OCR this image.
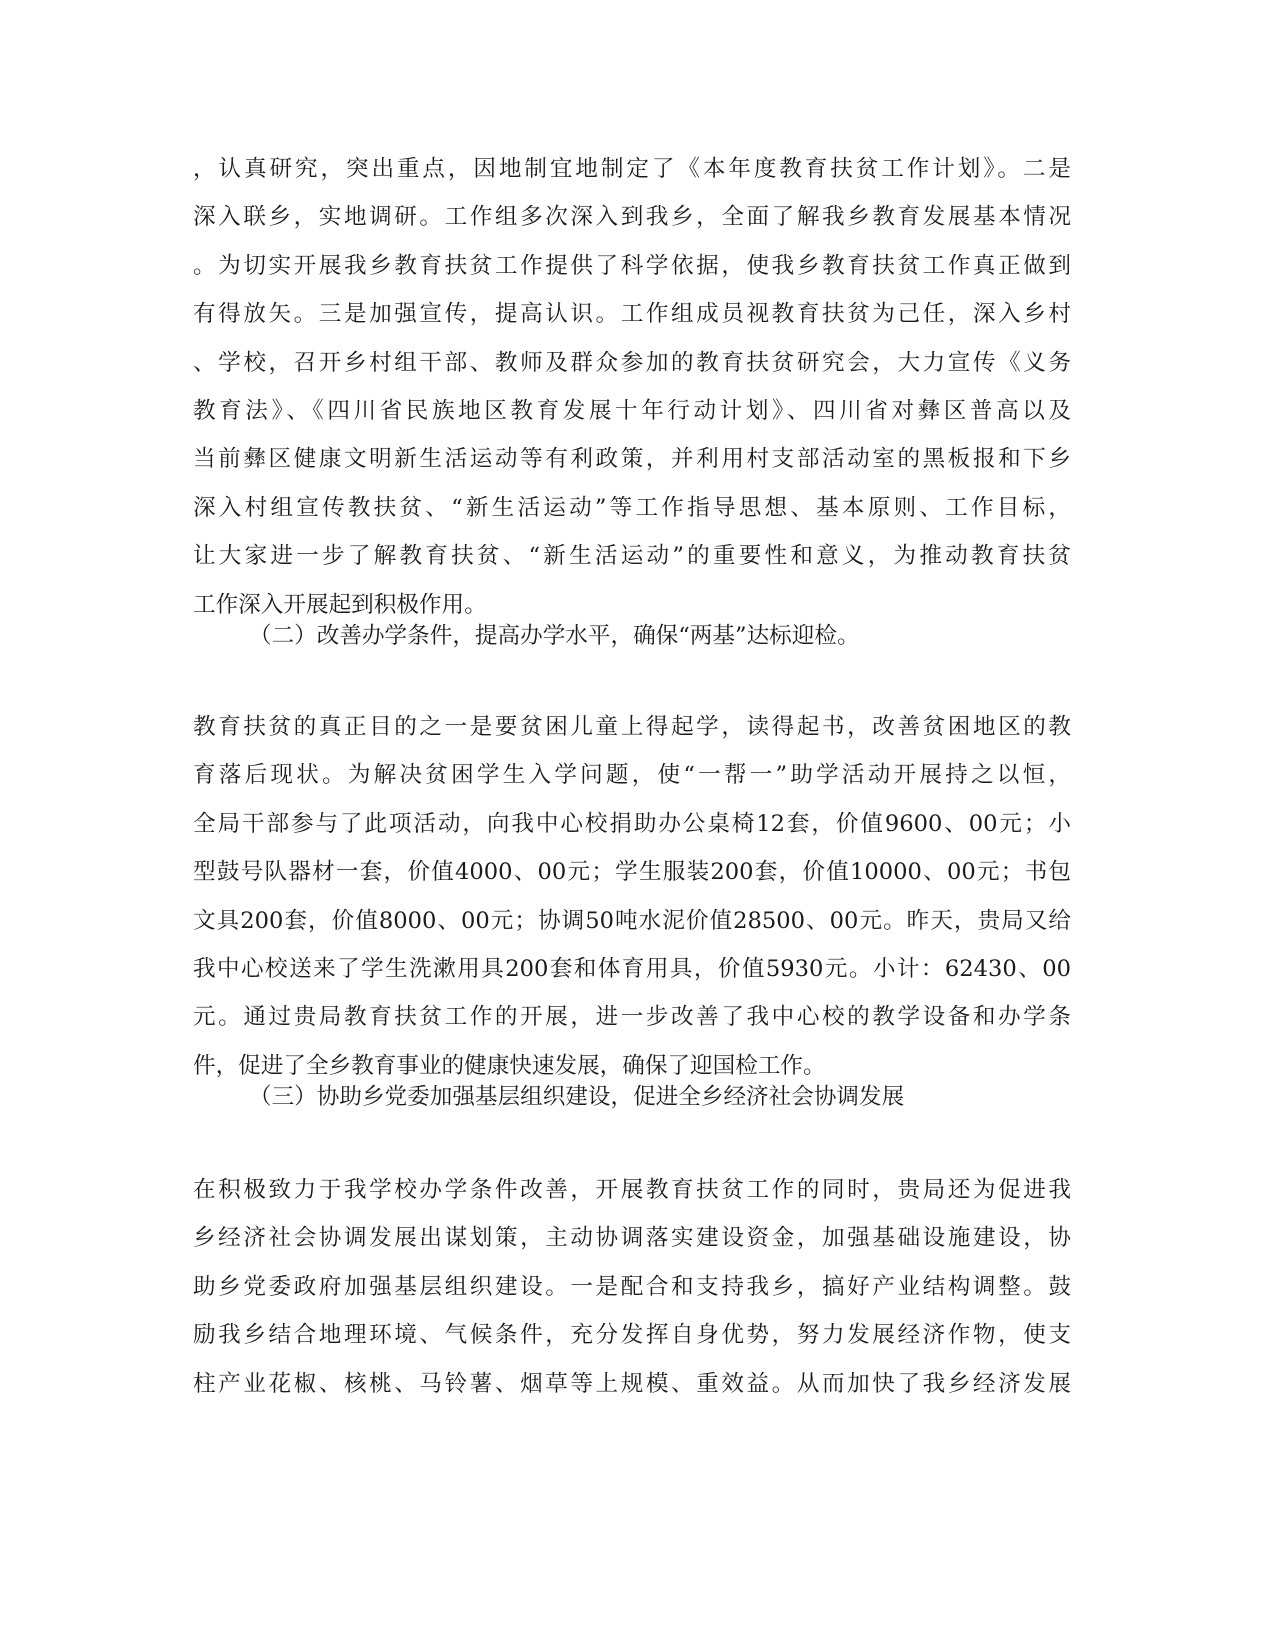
，认真研究，突出重点，因地制宜地制定了《本年度教育扶贫工作计划》。二是
深入联乡，实地调研。工作组多次深入到我乡，全面了解我乡教育发展基本情况
。为切实开展我乡教育扶贫工作提供了科学依据，使我乡教育扶贫工作真正做到
有得放矢。三是加强宣传，提高认识。工作组成员视教育扶贫为己任，深入乡村
、学校，召开乡村组干部、教师及群众参加的教育扶贫研究会，大力宣传《义务
教育法》、《四川省民族地区教育发展十年行动计划》、四川省对彝区普高以及
当前彝区健康文明新生活运动等有利政策，并利用村支部活动室的黑板报和下乡
深入村组宣传教扶贫、“新生活运动”等工作指导思想、基本原则、工作目标，
让大家进一步了解教育扶贫、“新生活运动”的重要性和意义，为推动教育扶贫
工作深入开展起到积极作用。
（二）改善办学条件，提高办学水平，确保“两基”达标迎检。
教育扶贫的真正目的之一是要贫困儿童上得起学，读得起书，改善贫困地区的教
育落后现状。为解决贫困学生入学问题，使“一帮一”助学活动开展持之以恒，
全局干部参与了此项活动，向我中心校捐助办公桌椅12套，价值9600、00元；小
型鼓号队器材一套，价值4000、00元；学生服装200套，价值10000、00元；书包
文具200套，价值8000、00元；协调50吨水泥价值28500、00元。昨天，贵局又给
我中心校送来了学生洗漱用具200套和体育用具，价值5930元。小计：62430、00
元。通过贵局教育扶贫工作的开展，进一步改善了我中心校的教学设备和办学条
件，促进了全乡教育事业的健康快速发展，确保了迎国检工作。
（三）协助乡党委加强基层组织建设，促进全乡经济社会协调发展
在积极致力于我学校办学条件改善，开展教育扶贫工作的同时，贵局还为促进我
乡经济社会协调发展出谋划策，主动协调落实建设资金，加强基础设施建设，协
助乡党委政府加强基层组织建设。一是配合和支持我乡，搞好产业结构调整。鼓
励我乡结合地理环境、气候条件，充分发挥自身优势，努力发展经济作物，使支
柱产业花椒、核桃、马铃薯、烟草等上规模、重效益。从而加快了我乡经济发展
